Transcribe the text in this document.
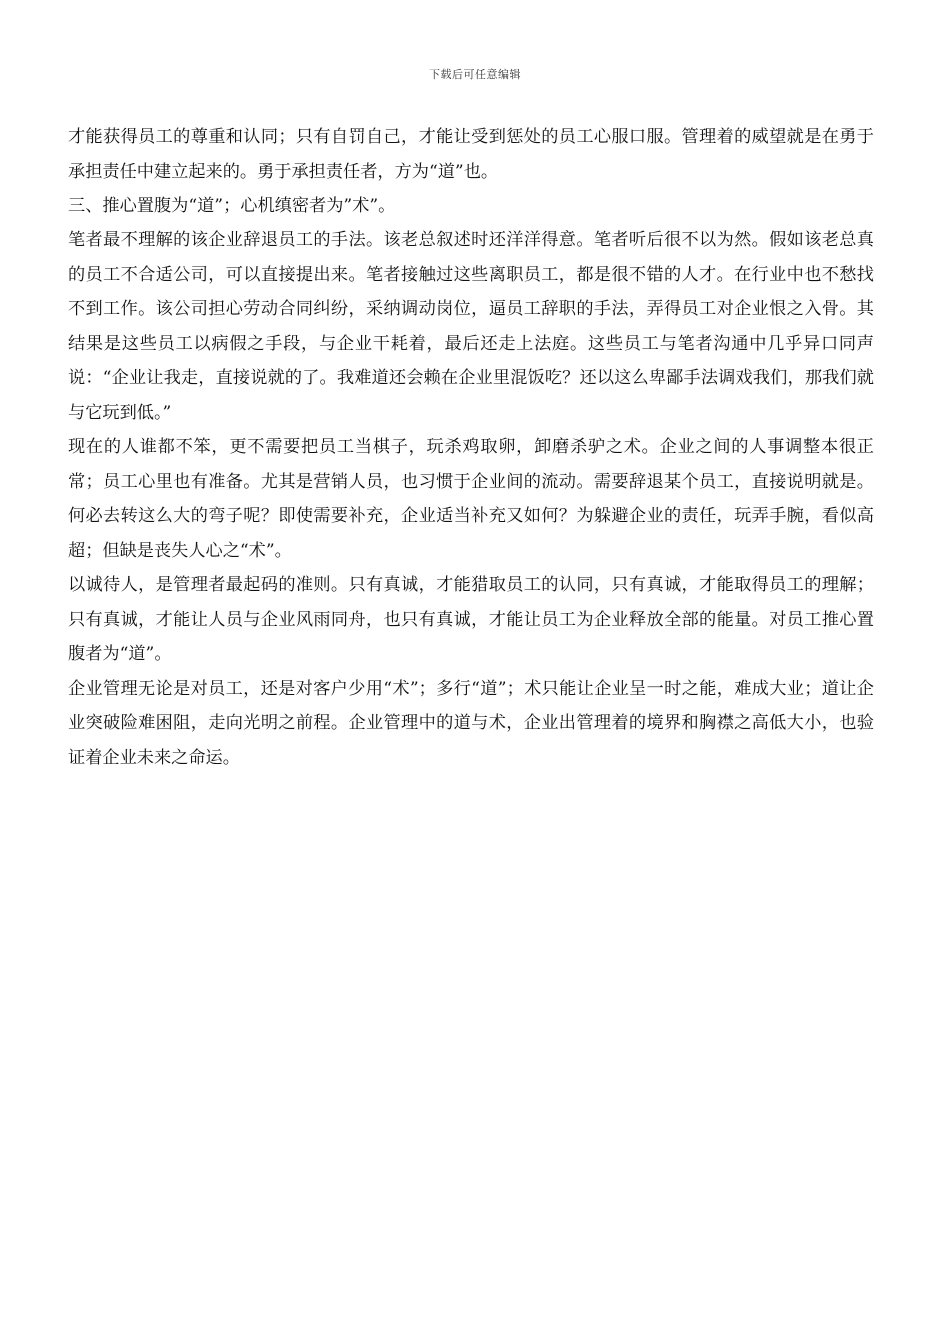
下载后可任意编辑

才能获得员工的尊重和认同；只有自罚自己，才能让受到惩处的员工心服口服。管理着的威望就是在勇于承担责任中建立起来的。勇于承担责任者，方为“道”也。

三、推心置腹为“道”；心机缜密者为”术”。

笔者最不理解的该企业辞退员工的手法。该老总叙述时还洋洋得意。笔者听后很不以为然。假如该老总真的员工不合适公司，可以直接提出来。笔者接触过这些离职员工，都是很不错的人才。在行业中也不愁找不到工作。该公司担心劳动合同纠纷，采纳调动岗位，逼员工辞职的手法，弄得员工对企业恨之入骨。其结果是这些员工以病假之手段，与企业干耗着，最后还走上法庭。这些员工与笔者沟通中几乎异口同声说：“企业让我走，直接说就的了。我难道还会赖在企业里混饭吃？还以这么卑鄙手法调戏我们，那我们就与它玩到低。”

现在的人谁都不笨，更不需要把员工当棋子，玩杀鸡取卵，卸磨杀驴之术。企业之间的人事调整本很正常；员工心里也有准备。尤其是营销人员，也习惯于企业间的流动。需要辞退某个员工，直接说明就是。何必去转这么大的弯子呢？即使需要补充，企业适当补充又如何？为躲避企业的责任，玩弄手腕，看似高超；但缺是丧失人心之“术”。

以诚待人，是管理者最起码的准则。只有真诚，才能猎取员工的认同，只有真诚，才能取得员工的理解；只有真诚，才能让人员与企业风雨同舟，也只有真诚，才能让员工为企业释放全部的能量。对员工推心置腹者为“道”。

企业管理无论是对员工，还是对客户少用“术”；多行“道”；术只能让企业呈一时之能，难成大业；道让企业突破险难困阻，走向光明之前程。企业管理中的道与术，企业出管理着的境界和胸襟之高低大小，也验证着企业未来之命运。
